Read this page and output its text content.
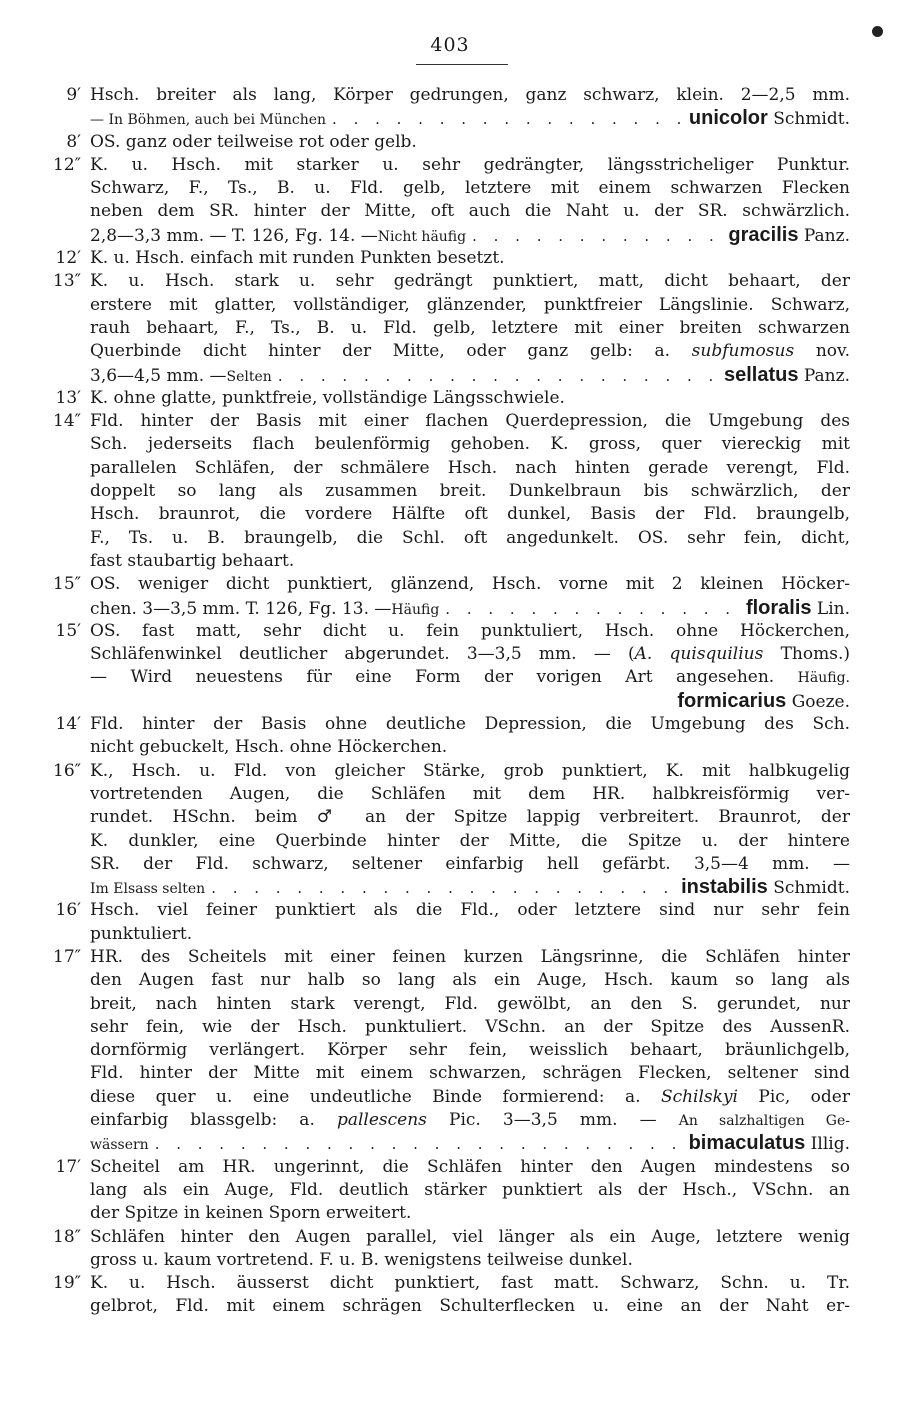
403
9′ Hsch. breiter als lang, Körper gedrungen, ganz schwarz, klein. 2—2,5 mm.
— In Böhmen, auch bei München . . .	unicolor Schmidt.
8′ OS. ganz oder teilweise rot oder gelb.
12″ K. u. Hsch. mit starker u. sehr gedrängter, längsstricheliger Punktur.
Schwarz, F., Ts., B. u. Fld. gelb, letztere mit einem schwarzen Flecken
neben dem SR. hinter der Mitte, oft auch die Naht u. der SR. schwärzlich.
2,8—3,3 mm. — T. 126, Fg. 14. — Nicht häufig . . .	gracilis Panz.
12′ K. u. Hsch. einfach mit runden Punkten besetzt.
13″ K. u. Hsch. stark u. sehr gedrängt punktiert, matt, dicht behaart, der
erstere mit glatter, vollständiger, glänzender, punktfreier Längslinie. Schwarz,
rauh behaart, F., Ts., B. u. Fld. gelb, letztere mit einer breiten schwarzen
Querbinde dicht hinter der Mitte, oder ganz gelb: a. subfumosus nov.
3,6—4,5 mm. — Selten . . .	sellatus Panz.
13′ K. ohne glatte, punktfreie, vollständige Längsschwiele.
14″ Fld. hinter der Basis mit einer flachen Querdepression, die Umgebung des
Sch. jederseits flach beulenförmig gehoben. K. gross, quer viereckig mit
parallelen Schläfen, der schmälere Hsch. nach hinten gerade verengt, Fld.
doppelt so lang als zusammen breit. Dunkelbraun bis schwärzlich, der
Hsch. braunrot, die vordere Hälfte oft dunkel, Basis der Fld. braungelb,
F., Ts. u. B. braungelb, die Schl. oft angedunkelt. OS. sehr fein, dicht,
fast staubartig behaart.
15″ OS. weniger dicht punktiert, glänzend, Hsch. vorne mit 2 kleinen Höcker-
chen. 3—3,5 mm. T. 126, Fg. 13. — Häufig . . .	floralis Lin.
15′ OS. fast matt, sehr dicht u. fein punktuliert, Hsch. ohne Höckerchen,
Schläfenwinkel deutlicher abgerundet. 3—3,5 mm. — (A. quisquilius Thoms.)
— Wird neuestens für eine Form der vorigen Art angesehen. Häufig.
formicarius Goeze.
14′ Fld. hinter der Basis ohne deutliche Depression, die Umgebung des Sch.
nicht gebuckelt, Hsch. ohne Höckerchen.
16″ K., Hsch. u. Fld. von gleicher Stärke, grob punktiert, K. mit halbkugelig
vortretenden Augen, die Schläfen mit dem HR. halbkreisförmig ver-
rundet. HSchn. beim ♂ an der Spitze lappig verbreitert. Braunrot, der
K. dunkler, eine Querbinde hinter der Mitte, die Spitze u. der hintere
SR. der Fld. schwarz, seltener einfarbig hell gefärbt. 3,5—4 mm. —
Im Elsass selten . . .	instabilis Schmidt.
16′ Hsch. viel feiner punktiert als die Fld., oder letztere sind nur sehr fein
punktuliert.
17″ HR. des Scheitels mit einer feinen kurzen Längsrinne, die Schläfen hinter
den Augen fast nur halb so lang als ein Auge, Hsch. kaum so lang als
breit, nach hinten stark verengt, Fld. gewölbt, an den S. gerundet, nur
sehr fein, wie der Hsch. punktuliert. VSchn. an der Spitze des AussenR.
dornförmig verlängert. Körper sehr fein, weisslich behaart, bräunlichgelb,
Fld. hinter der Mitte mit einem schwarzen, schrägen Flecken, seltener sind
diese quer u. eine undeutliche Binde formierend: a. Schilskyi Pic, oder
einfarbig blassgelb: a. pallescens Pic. 3—3,5 mm. — An salzhaltigen Ge-
wässern . . .	bimaculatus Illig.
17′ Scheitel am HR. ungerinnt, die Schläfen hinter den Augen mindestens so
lang als ein Auge, Fld. deutlich stärker punktiert als der Hsch., VSchn. an
der Spitze in keinen Sporn erweitert.
18″ Schläfen hinter den Augen parallel, viel länger als ein Auge, letztere wenig
gross u. kaum vortretend. F. u. B. wenigstens teilweise dunkel.
19″ K. u. Hsch. äusserst dicht punktiert, fast matt. Schwarz, Schn. u. Tr.
gelbrot, Fld. mit einem schrägen Schulterflecken u. eine an der Naht er-
